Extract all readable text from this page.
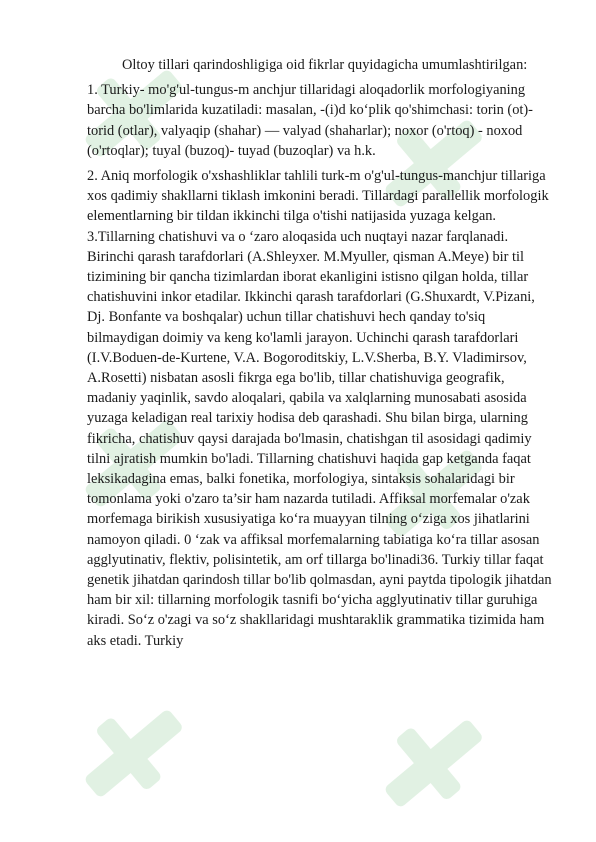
Oltoy tillari qarindoshligiga oid fikrlar quyidagicha umumlashtirilgan:

1. Turkiy- mo'g'ul-tungus-m anchjur tillaridagi aloqadorlik morfologiyaning barcha bo'limlarida kuzatiladi: masalan, -(i)d ko‘plik qo'shimchasi: torin (ot)- torid (otlar), valyaqip (shahar) — valyad (shaharlar); noxor (o'rtoq) - noxod (o'rtoqlar); tuyal (buzoq)- tuyad (buzoqlar) va h.k.

2. Aniq morfologik o'xshashliklar tahlili turk-m o'g'ul-tungus-manchjur tillariga xos qadimiy shakllarni tiklash imkonini beradi. Tillardagi parallellik morfologik elementlarning bir tildan ikkinchi tilga o'tishi natijasida yuzaga kelgan. 3.Tillarning chatishuvi va o ‘zaro aloqasida uch nuqtayi nazar farqlanadi. Birinchi qarash tarafdorlari (A.Shleyxer. M.Myuller, qisman A.Meye) bir til tizimining bir qancha tizimlardan iborat ekanligini istisno qilgan holda, tillar chatishuvini inkor etadilar. Ikkinchi qarash tarafdorlari (G.Shuxardt, V.Pizani, Dj. Bonfante va boshqalar) uchun tillar chatishuvi hech qanday to'siq bilmaydigan doimiy va keng ko'lamli jarayon. Uchinchi qarash tarafdorlari (I.V.Boduen-de-Kurtene, V.A. Bogoroditskiy, L.V.Sherba, B.Y. Vladimirsov, A.Rosetti) nisbatan asosli fikrga ega bo'lib, tillar chatishuviga geografik, madaniy yaqinlik, savdo aloqalari, qabila va xalqlarning munosabati asosida yuzaga keladigan real tarixiy hodisa deb qarashadi. Shu bilan birga, ularning fikricha, chatishuv qaysi darajada bo'lmasin, chatishgan til asosidagi qadimiy tilni ajratish mumkin bo'ladi. Tillarning chatishuvi haqida gap ketganda faqat leksikadagina emas, balki fonetika, morfologiya, sintaksis sohalaridagi bir tomonlama yoki o'zaro ta’sir ham nazarda tutiladi. Affiksal morfemalar o'zak morfemaga birikish xususiyatiga ko‘ra muayyan tilning o‘ziga xos jihatlarini namoyon qiladi. 0 ‘zak va affiksal morfemalarning tabiatiga ko‘ra tillar asosan agglyutinativ, flektiv, polisintetik, am orf tillarga bo'linadi36. Turkiy tillar faqat genetik jihatdan qarindosh tillar bo'lib qolmasdan, ayni paytda tipologik jihatdan ham bir xil: tillarning morfologik tasnifi bo‘yicha agglyutinativ tillar guruhiga kiradi. So‘z o'zagi va so‘z shakllaridagi mushtaraklik grammatika tizimida ham aks etadi. Turkiy
